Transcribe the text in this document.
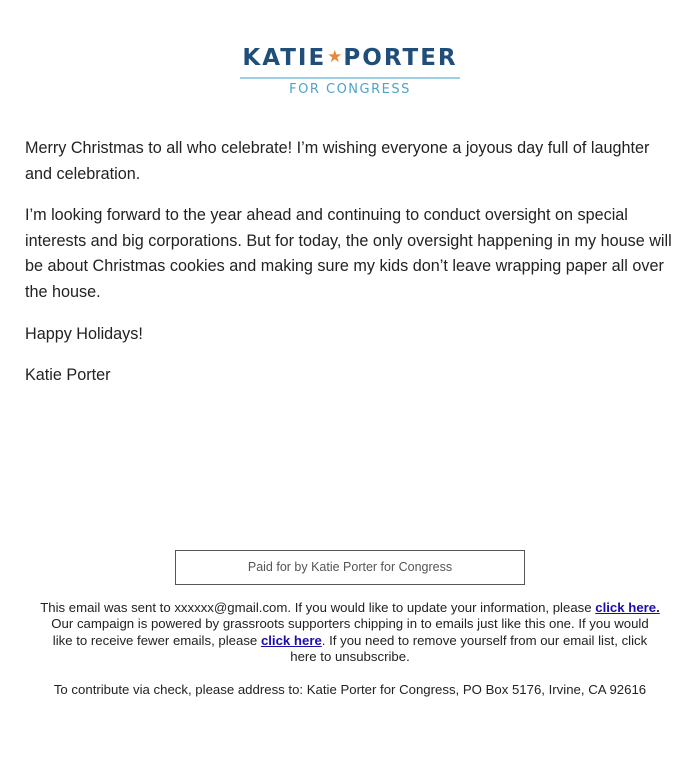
KATIE★PORTER
FOR CONGRESS

Merry Christmas to all who celebrate! I’m wishing everyone a joyous day full of laughter and celebration.

I’m looking forward to the year ahead and continuing to conduct oversight on special interests and big corporations. But for today, the only oversight happening in my house will be about Christmas cookies and making sure my kids don’t leave wrapping paper all over the house.

Happy Holidays!

Katie Porter

Paid for by Katie Porter for Congress

This email was sent to xxxxxx@gmail.com. If you would like to update your information, please click here. Our campaign is powered by grassroots supporters chipping in to emails just like this one. If you would like to receive fewer emails, please click here. If you need to remove yourself from our email list, click here to unsubscribe.

To contribute via check, please address to: Katie Porter for Congress, PO Box 5176, Irvine, CA 92616
